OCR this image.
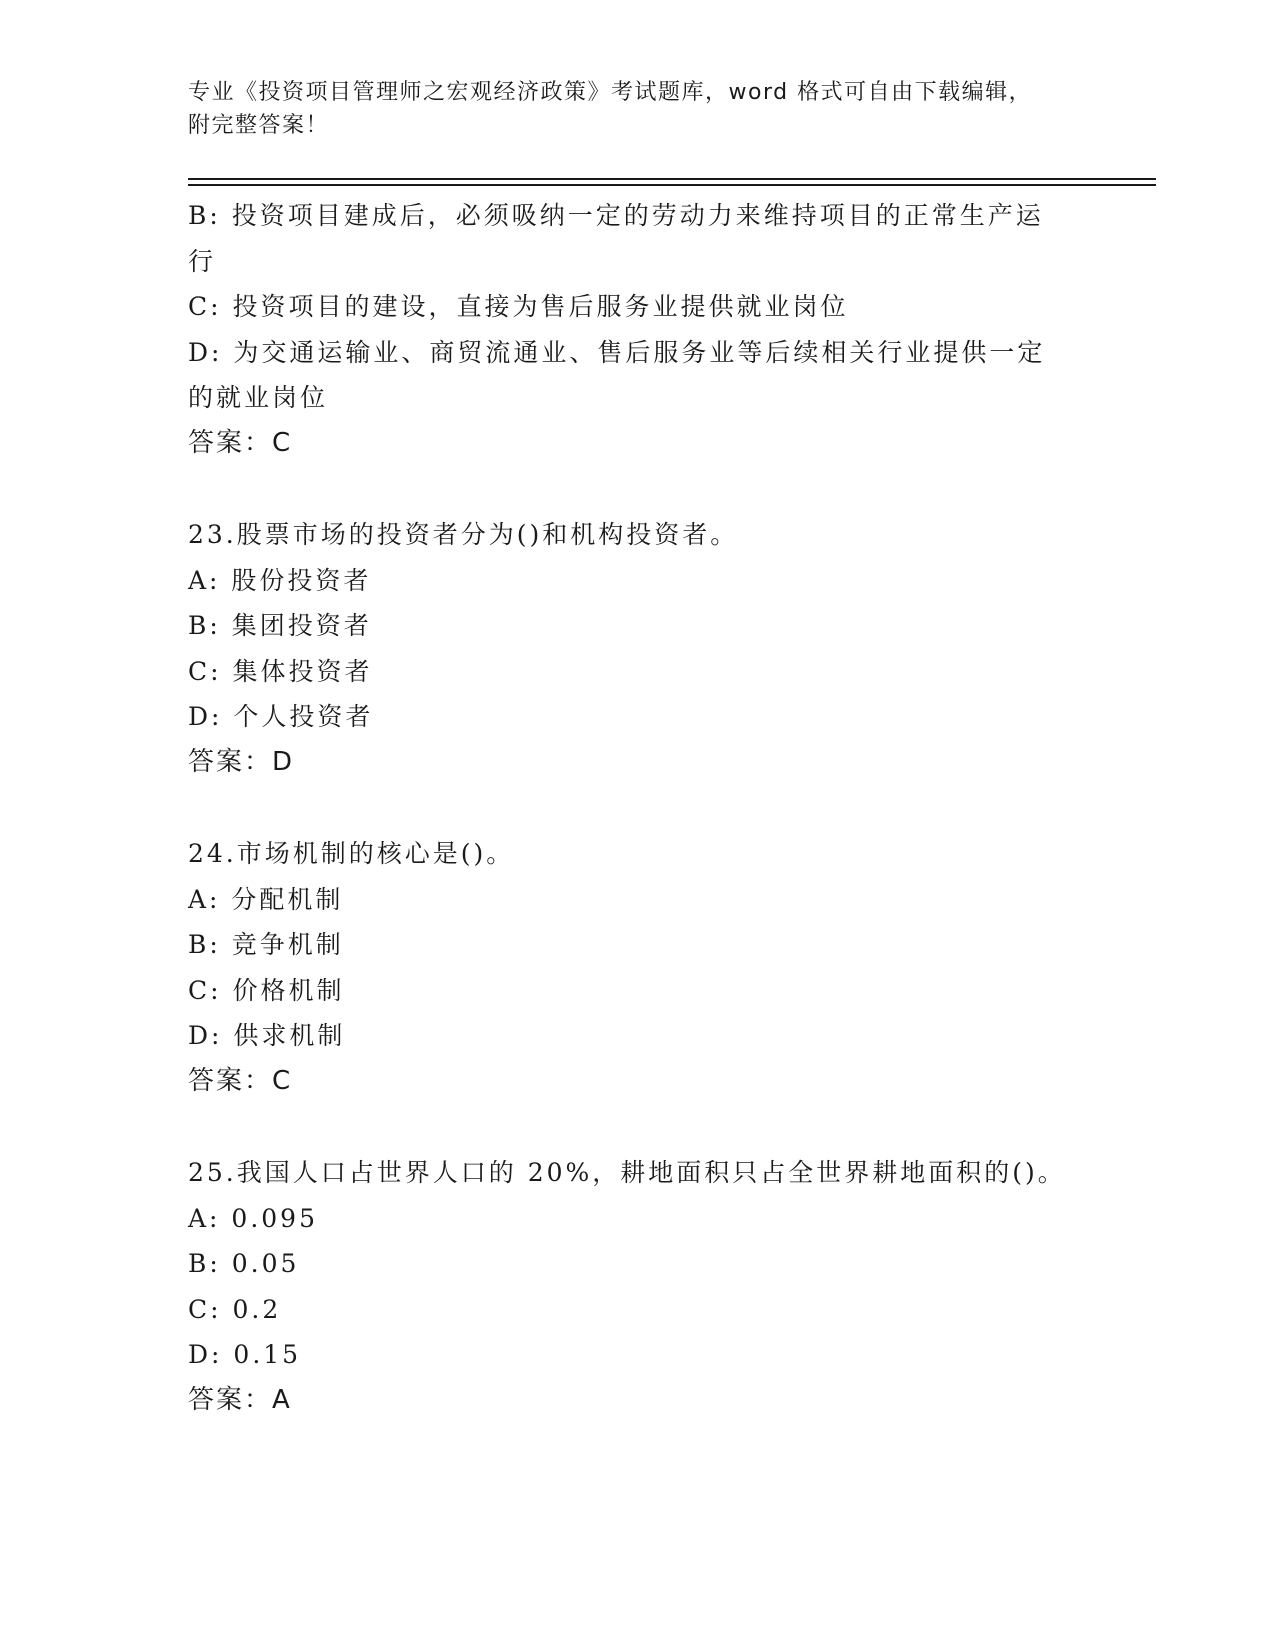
专业《投资项目管理师之宏观经济政策》考试题库，word 格式可自由下载编辑，
附完整答案！
B: 投资项目建成后，必须吸纳一定的劳动力来维持项目的正常生产运
行
C: 投资项目的建设，直接为售后服务业提供就业岗位
D: 为交通运输业、商贸流通业、售后服务业等后续相关行业提供一定
的就业岗位
答案：C
23.股票市场的投资者分为()和机构投资者。
A: 股份投资者
B: 集团投资者
C: 集体投资者
D: 个人投资者
答案：D
24.市场机制的核心是()。
A: 分配机制
B: 竞争机制
C: 价格机制
D: 供求机制
答案：C
25.我国人口占世界人口的 20%，耕地面积只占全世界耕地面积的()。
A: 0.095
B: 0.05
C: 0.2
D: 0.15
答案：A
